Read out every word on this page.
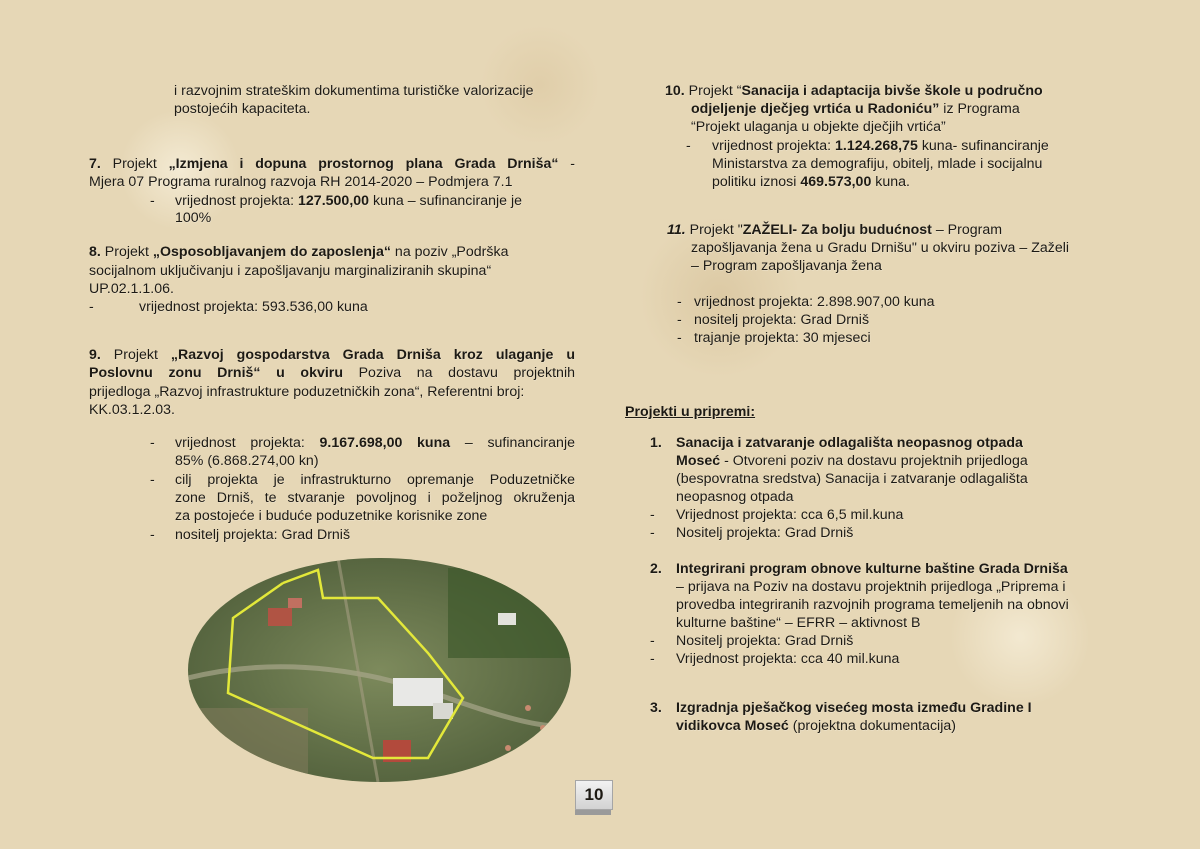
i razvojnim strateškim dokumentima turističke valorizacije
postojećih kapaciteta.
7. Projekt „Izmjena i dopuna prostornog plana Grada Drniša“ -
Mjera 07 Programa ruralnog razvoja RH 2014-2020 – Podmjera 7.1
- vrijednost projekta: 127.500,00 kuna – sufinanciranje je
100%
8. Projekt „Osposobljavanjem do zaposlenja“ na poziv „Podrška
socijalnom uključivanju i zapošljavanju marginaliziranih skupina“
UP.02.1.1.06.
-	vrijednost projekta: 593.536,00 kuna
9. Projekt „Razvoj gospodarstva Grada Drniša kroz ulaganje u
Poslovnu zonu Drniš“ u okviru Poziva na dostavu projektnih
prijedloga „Razvoj infrastrukture poduzetničkih zona“, Referentni broj:
KK.03.1.2.03.
- vrijednost projekta: 9.167.698,00 kuna – sufinanciranje
85% (6.868.274,00 kn)
- cilj projekta je infrastrukturno opremanje Poduzetničke
zone Drniš, te stvaranje povoljnog i poželjnog okruženja
za postojeće i buduće poduzetnike korisnike zone
- nositelj projekta: Grad Drniš
10. Projekt “Sanacija i adaptacija bivše škole u područno
odjeljenje dječjeg vrtića u Radoniću” iz Programa
“Projekt ulaganja u objekte dječjih vrtića”
- vrijednost projekta: 1.124.268,75 kuna- sufinanciranje
Ministarstva za demografiju, obitelj, mlade i socijalnu
politiku iznosi 469.573,00 kuna.
11. Projekt "ZAŽELI- Za bolju budućnost – Program
zapošljavanja žena u Gradu Drnišu" u okviru poziva – Zaželi
– Program zapošljavanja žena
- vrijednost projekta: 2.898.907,00 kuna
- nositelj projekta: Grad Drniš
- trajanje projekta: 30 mjeseci
Projekti u pripremi:
1. Sanacija i zatvaranje odlagališta neopasnog otpada
Moseć - Otvoreni poziv na dostavu projektnih prijedloga
(bespovratna sredstva) Sanacija i zatvaranje odlagališta
neopasnog otpada
- Vrijednost projekta: cca 6,5 mil.kuna
- Nositelj projekta: Grad Drniš
2. Integrirani program obnove kulturne baštine Grada Drniša
– prijava na Poziv na dostavu projektnih prijedloga „Priprema i
provedba integriranih razvojnih programa temeljenih na obnovi
kulturne baštine“ – EFRR – aktivnost B
- Nositelj projekta: Grad Drniš
- Vrijednost projekta: cca 40 mil.kuna
3. Izgradnja pješačkog visećeg mosta između Gradine I
vidikovca Moseć (projektna dokumentacija)
10
